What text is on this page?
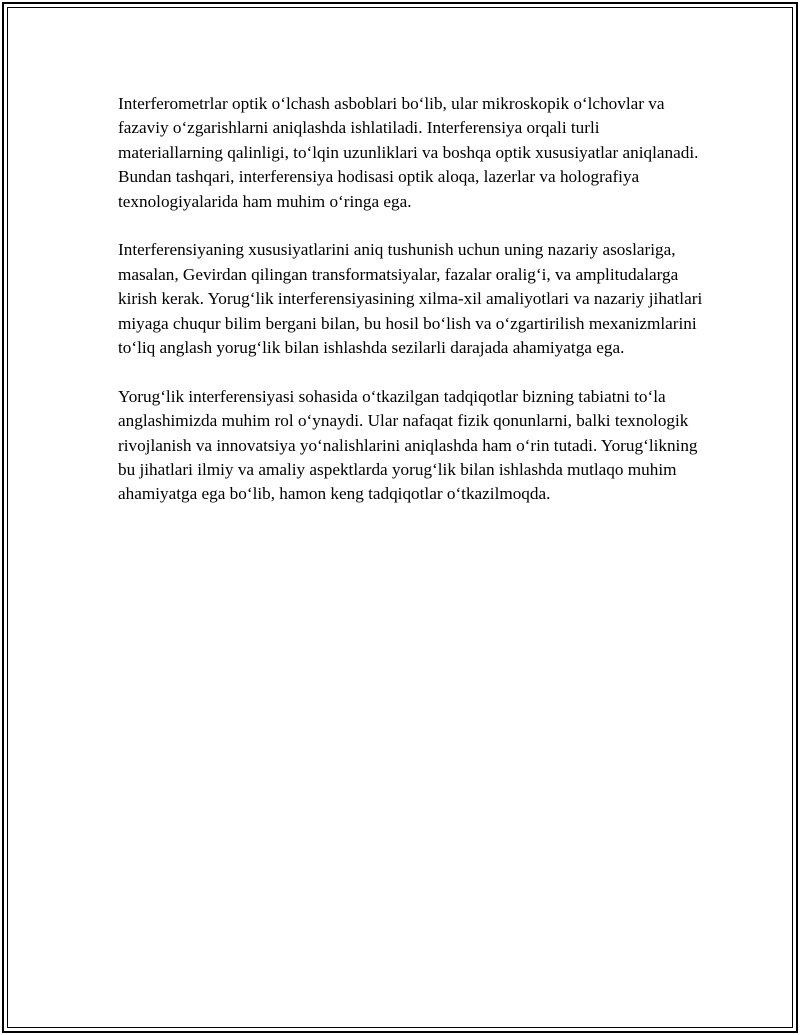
Interferometrlar optik o‘lchash asboblari bo‘lib, ular mikroskopik o‘lchovlar va fazaviy o‘zgarishlarni aniqlashda ishlatiladi. Interferensiya orqali turli materiallarning qalinligi, to‘lqin uzunliklari va boshqa optik xususiyatlar aniqlanadi. Bundan tashqari, interferensiya hodisasi optik aloqa, lazerlar va holografiya texnologiyalarida ham muhim o‘ringa ega.

Interferensiyaning xususiyatlarini aniq tushunish uchun uning nazariy asoslariga, masalan, Gevirdan qilingan transformatsiyalar, fazalar oralig‘i, va amplitudalarga kirish kerak. Yorug‘lik interferensiyasining xilma-xil amaliyotlari va nazariy jihatlari miyaga chuqur bilim bergani bilan, bu hosil bo‘lish va o‘zgartirilish mexanizmlarini to‘liq anglash yorug‘lik bilan ishlashda sezilarli darajada ahamiyatga ega.

Yorug‘lik interferensiyasi sohasida o‘tkazilgan tadqiqotlar bizning tabiatni to‘la anglashimizda muhim rol o‘ynaydi. Ular nafaqat fizik qonunlarni, balki texnologik rivojlanish va innovatsiya yo‘nalishlarini aniqlashda ham o‘rin tutadi. Yorug‘likning bu jihatlari ilmiy va amaliy aspektlarda yorug‘lik bilan ishlashda mutlaqo muhim ahamiyatga ega bo‘lib, hamon keng tadqiqotlar o‘tkazilmoqda.
